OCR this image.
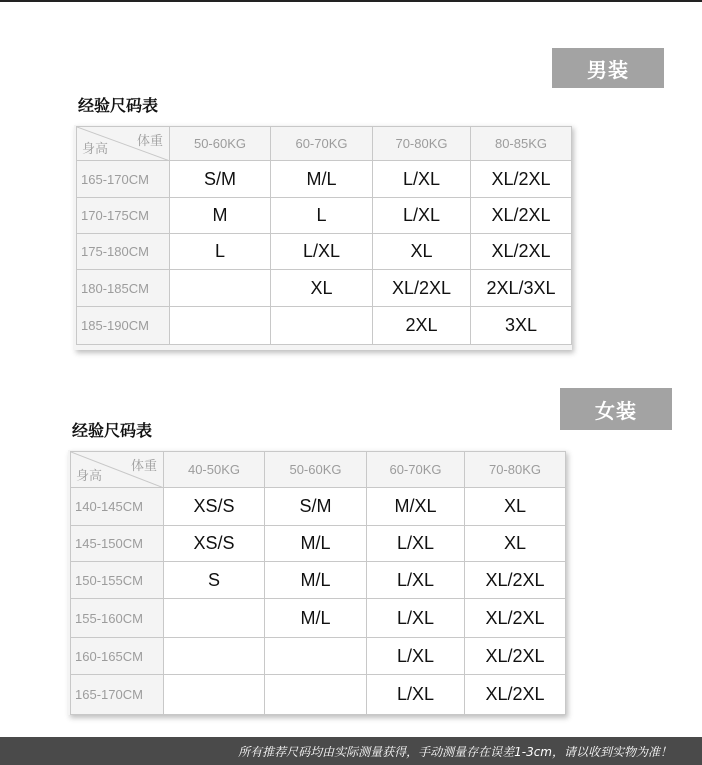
男装
经验尺码表
体重
身高	50-60KG	60-70KG	70-80KG	80-85KG
165-170CM	S/M	M/L	L/XL	XL/2XL
170-175CM	M	L	L/XL	XL/2XL
175-180CM	L	L/XL	XL	XL/2XL
180-185CM		XL	XL/2XL	2XL/3XL
185-190CM			2XL	3XL
女装
经验尺码表
体重
身高	40-50KG	50-60KG	60-70KG	70-80KG
140-145CM	XS/S	S/M	M/XL	XL
145-150CM	XS/S	M/L	L/XL	XL
150-155CM	S	M/L	L/XL	XL/2XL
155-160CM		M/L	L/XL	XL/2XL
160-165CM			L/XL	XL/2XL
165-170CM			L/XL	XL/2XL
所有推荐尺码均由实际测量获得，手动测量存在误差1-3cm，请以收到实物为准！
